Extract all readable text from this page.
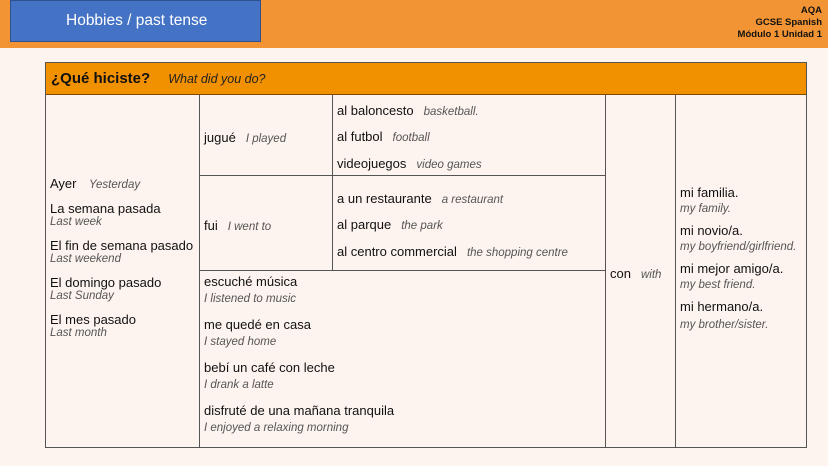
Hobbies / past tense
AQA
GCSE Spanish
Módulo 1 Unidad 1
¿Qué hiciste? What did you do?
Ayer Yesterday
La semana pasada
Last week
El fin de semana pasado
Last weekend
El domingo pasado
Last Sunday
El mes pasado
Last month
jugué I played
fui I went to
al baloncesto basketball.
al futbol football
videojuegos video games
a un restaurante a restaurant
al parque the park
al centro commercial the shopping centre
escuché música
I listened to music
me quedé en casa
I stayed home
bebí un café con leche
I drank a latte
disfruté de una mañana tranquila
I enjoyed a relaxing morning
con with
mi familia.
my family.
mi novio/a.
my boyfriend/girlfriend.
mi mejor amigo/a.
my best friend.
mi hermano/a.
my brother/sister.
